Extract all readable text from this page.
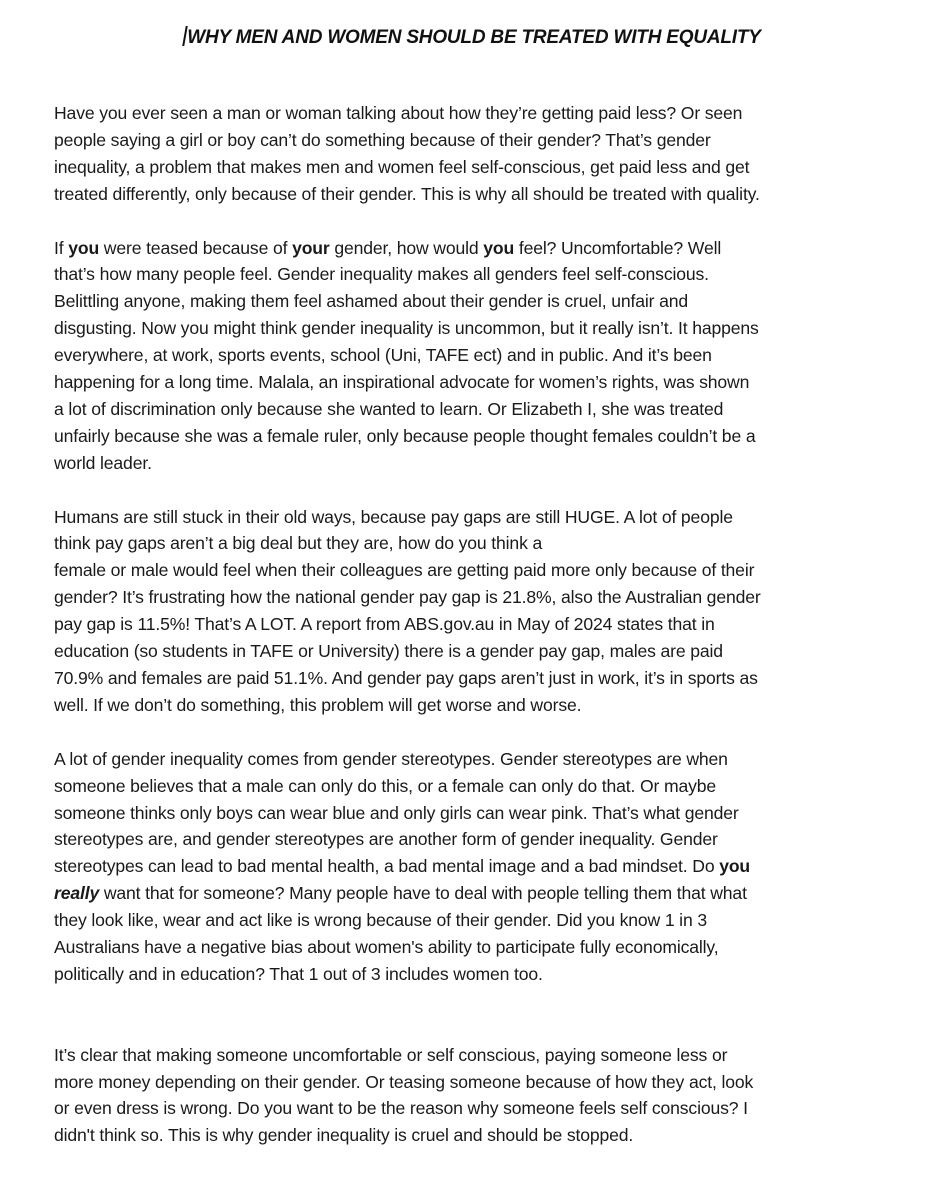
WHY MEN AND WOMEN SHOULD BE TREATED WITH EQUALITY

Have you ever seen a man or woman talking about how they’re getting paid less? Or seen
people saying a girl or boy can’t do something because of their gender? That’s gender
inequality, a problem that makes men and women feel self-conscious, get paid less and get
treated differently, only because of their gender. This is why all should be treated with quality.

If you were teased because of your gender, how would you feel? Uncomfortable? Well
that’s how many people feel. Gender inequality makes all genders feel self-conscious.
Belittling anyone, making them feel ashamed about their gender is cruel, unfair and
disgusting. Now you might think gender inequality is uncommon, but it really isn’t. It happens
everywhere, at work, sports events, school (Uni, TAFE ect) and in public. And it’s been
happening for a long time. Malala, an inspirational advocate for women’s rights, was shown
a lot of discrimination only because she wanted to learn. Or Elizabeth I, she was treated
unfairly because she was a female ruler, only because people thought females couldn’t be a
world leader.

Humans are still stuck in their old ways, because pay gaps are still HUGE. A lot of people
think pay gaps aren’t a big deal but they are, how do you think a
female or male would feel when their colleagues are getting paid more only because of their
gender? It’s frustrating how the national gender pay gap is 21.8%, also the Australian gender
pay gap is 11.5%! That’s A LOT. A report from ABS.gov.au in May of 2024 states that in
education (so students in TAFE or University) there is a gender pay gap, males are paid
70.9% and females are paid 51.1%. And gender pay gaps aren’t just in work, it’s in sports as
well. If we don’t do something, this problem will get worse and worse.

A lot of gender inequality comes from gender stereotypes. Gender stereotypes are when
someone believes that a male can only do this, or a female can only do that. Or maybe
someone thinks only boys can wear blue and only girls can wear pink. That’s what gender
stereotypes are, and gender stereotypes are another form of gender inequality. Gender
stereotypes can lead to bad mental health, a bad mental image and a bad mindset. Do you
really want that for someone? Many people have to deal with people telling them that what
they look like, wear and act like is wrong because of their gender. Did you know 1 in 3
Australians have a negative bias about women's ability to participate fully economically,
politically and in education? That 1 out of 3 includes women too.

It’s clear that making someone uncomfortable or self conscious, paying someone less or
more money depending on their gender. Or teasing someone because of how they act, look
or even dress is wrong. Do you want to be the reason why someone feels self conscious? I
didn't think so. This is why gender inequality is cruel and should be stopped.
